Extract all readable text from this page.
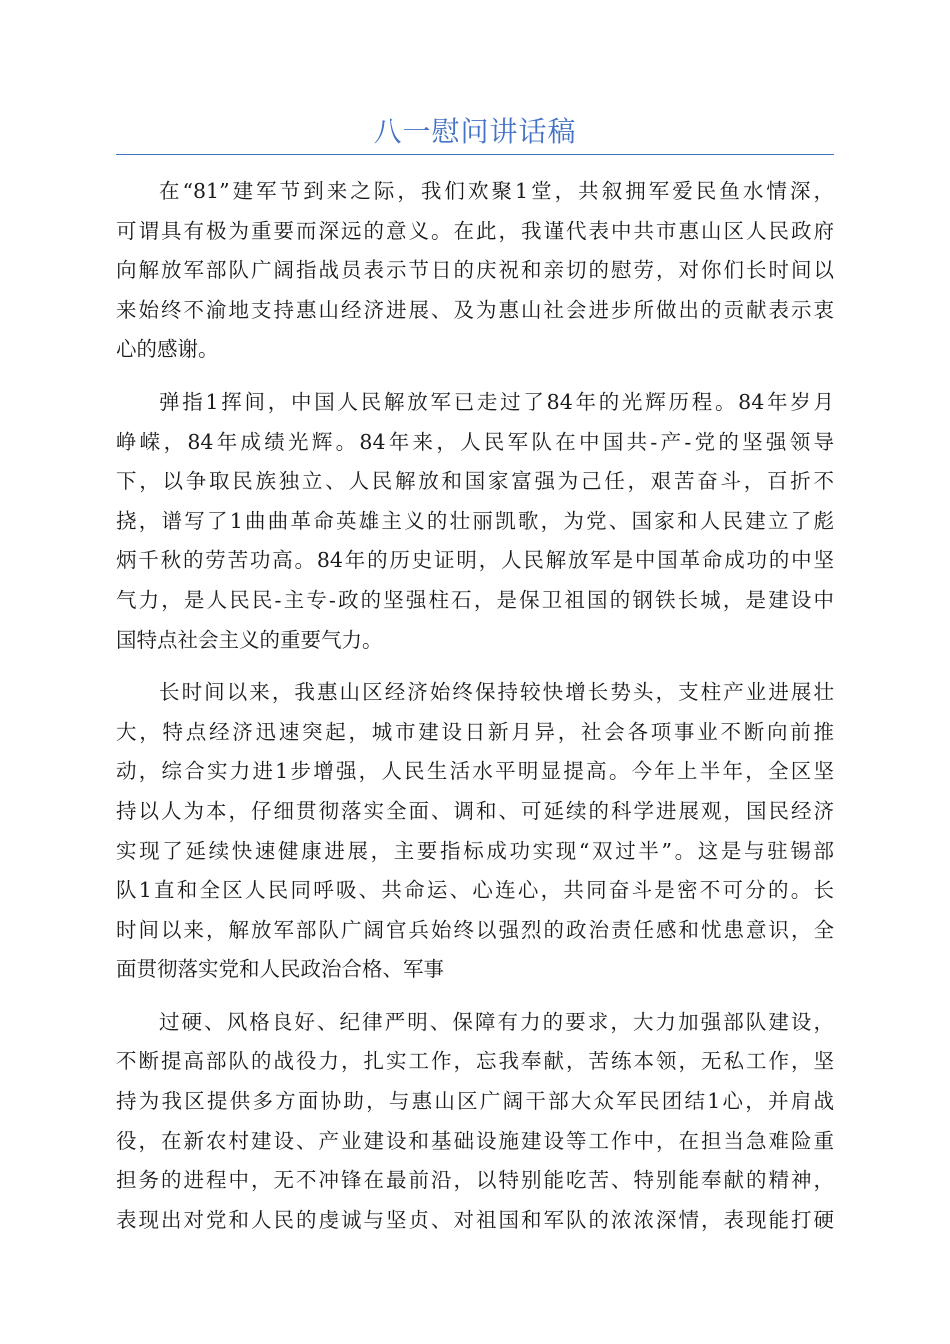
八一慰问讲话稿
在“81”建军节到来之际，我们欢聚1堂，共叙拥军爱民鱼水情深，
可谓具有极为重要而深远的意义。在此，我谨代表中共市惠山区人民政府
向解放军部队广阔指战员表示节日的庆祝和亲切的慰劳，对你们长时间以
来始终不渝地支持惠山经济进展、及为惠山社会进步所做出的贡献表示衷
心的感谢。
弹指1挥间，中国人民解放军已走过了84年的光辉历程。84年岁月
峥嵘，84年成绩光辉。84年来，人民军队在中国共-产-党的坚强领导
下，以争取民族独立、人民解放和国家富强为己任，艰苦奋斗，百折不
挠，谱写了1曲曲革命英雄主义的壮丽凯歌，为党、国家和人民建立了彪
炳千秋的劳苦功高。84年的历史证明，人民解放军是中国革命成功的中坚
气力，是人民民-主专-政的坚强柱石，是保卫祖国的钢铁长城，是建设中
国特点社会主义的重要气力。
长时间以来，我惠山区经济始终保持较快增长势头，支柱产业进展壮
大，特点经济迅速突起，城市建设日新月异，社会各项事业不断向前推
动，综合实力进1步增强，人民生活水平明显提高。今年上半年，全区坚
持以人为本，仔细贯彻落实全面、调和、可延续的科学进展观，国民经济
实现了延续快速健康进展，主要指标成功实现“双过半”。这是与驻锡部
队1直和全区人民同呼吸、共命运、心连心，共同奋斗是密不可分的。长
时间以来，解放军部队广阔官兵始终以强烈的政治责任感和忧患意识，全
面贯彻落实党和人民政治合格、军事
过硬、风格良好、纪律严明、保障有力的要求，大力加强部队建设，
不断提高部队的战役力，扎实工作，忘我奉献，苦练本领，无私工作，坚
持为我区提供多方面协助，与惠山区广阔干部大众军民团结1心，并肩战
役，在新农村建设、产业建设和基础设施建设等工作中，在担当急难险重
担务的进程中，无不冲锋在最前沿，以特别能吃苦、特别能奉献的精神，
表现出对党和人民的虔诚与坚贞、对祖国和军队的浓浓深情，表现能打硬
